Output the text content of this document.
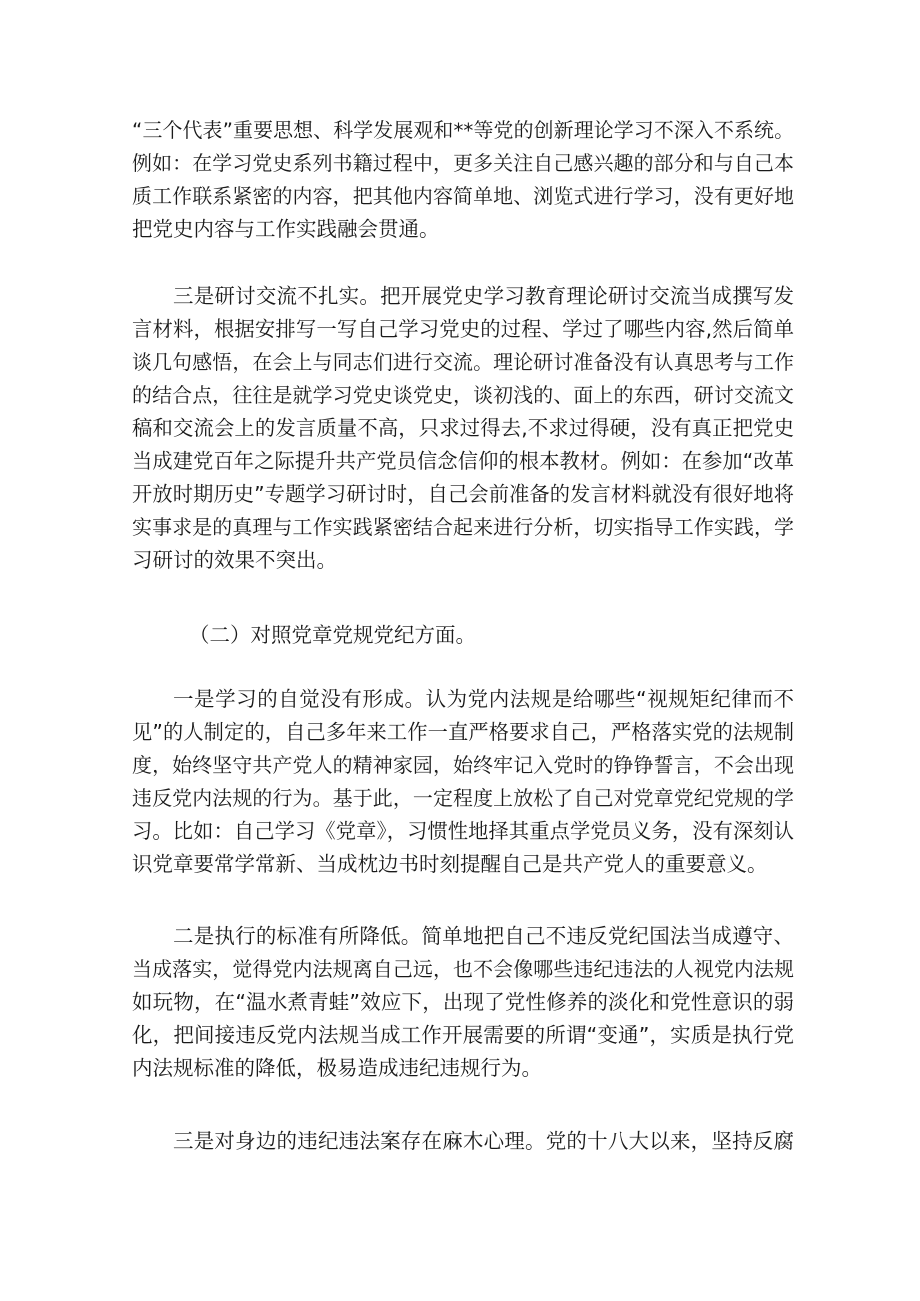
“三个代表”重要思想、科学发展观和**等党的创新理论学习不深入不系统。
例如：在学习党史系列书籍过程中，更多关注自己感兴趣的部分和与自己本
质工作联系紧密的内容，把其他内容简单地、浏览式进行学习，没有更好地
把党史内容与工作实践融会贯通。
三是研讨交流不扎实。把开展党史学习教育理论研讨交流当成撰写发
言材料，根据安排写一写自己学习党史的过程、学过了哪些内容,然后简单
谈几句感悟，在会上与同志们进行交流。理论研讨准备没有认真思考与工作
的结合点，往往是就学习党史谈党史，谈初浅的、面上的东西，研讨交流文
稿和交流会上的发言质量不高，只求过得去,不求过得硬，没有真正把党史
当成建党百年之际提升共产党员信念信仰的根本教材。例如：在参加“改革
开放时期历史”专题学习研讨时，自己会前准备的发言材料就没有很好地将
实事求是的真理与工作实践紧密结合起来进行分析，切实指导工作实践，学
习研讨的效果不突出。
（二）对照党章党规党纪方面。
一是学习的自觉没有形成。认为党内法规是给哪些“视规矩纪律而不
见”的人制定的，自己多年来工作一直严格要求自己，严格落实党的法规制
度，始终坚守共产党人的精神家园，始终牢记入党时的铮铮誓言，不会出现
违反党内法规的行为。基于此，一定程度上放松了自己对党章党纪党规的学
习。比如：自己学习《党章》，习惯性地择其重点学党员义务，没有深刻认
识党章要常学常新、当成枕边书时刻提醒自己是共产党人的重要意义。
二是执行的标准有所降低。简单地把自己不违反党纪国法当成遵守、
当成落实，觉得党内法规离自己远，也不会像哪些违纪违法的人视党内法规
如玩物，在“温水煮青蛙”效应下，出现了党性修养的淡化和党性意识的弱
化，把间接违反党内法规当成工作开展需要的所谓“变通”，实质是执行党
内法规标准的降低，极易造成违纪违规行为。
三是对身边的违纪违法案存在麻木心理。党的十八大以来，坚持反腐
